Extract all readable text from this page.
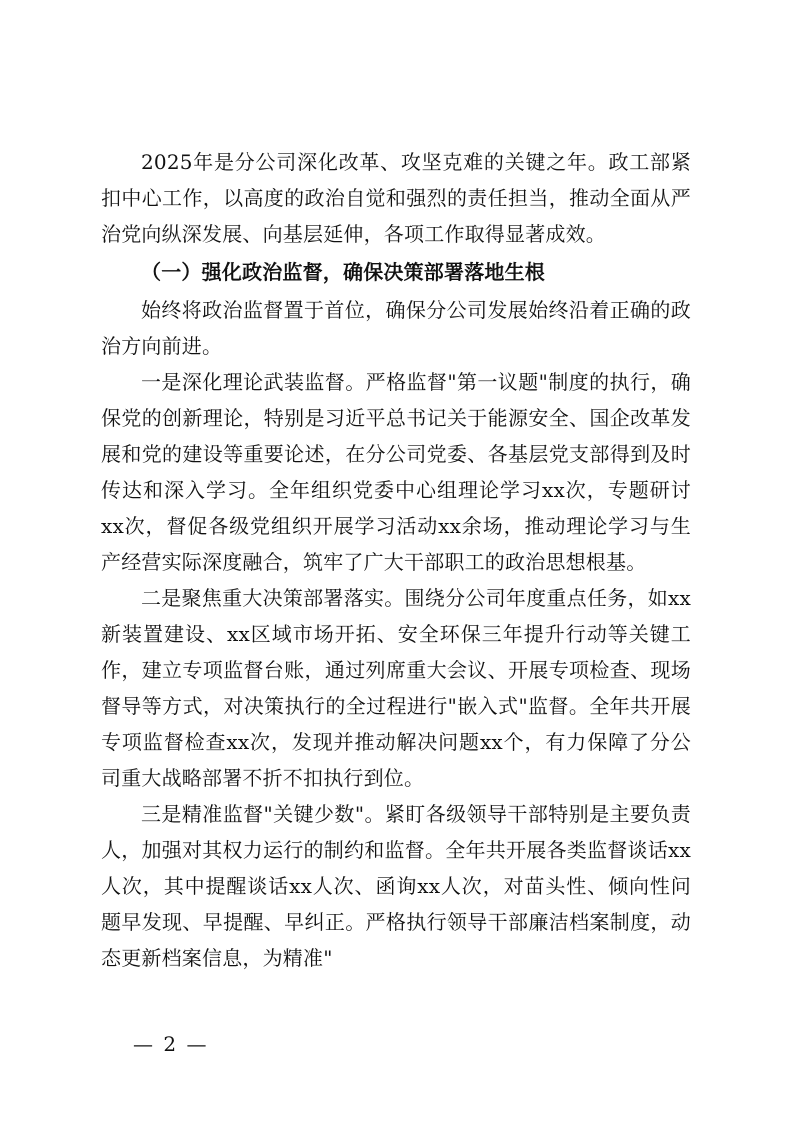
2025年是分公司深化改革、攻坚克难的关键之年。政工部紧扣中心工作，以高度的政治自觉和强烈的责任担当，推动全面从严治党向纵深发展、向基层延伸，各项工作取得显著成效。

（一）强化政治监督，确保决策部署落地生根

始终将政治监督置于首位，确保分公司发展始终沿着正确的政治方向前进。

一是深化理论武装监督。严格监督"第一议题"制度的执行，确保党的创新理论，特别是习近平总书记关于能源安全、国企改革发展和党的建设等重要论述，在分公司党委、各基层党支部得到及时传达和深入学习。全年组织党委中心组理论学习xx次，专题研讨xx次，督促各级党组织开展学习活动xx余场，推动理论学习与生产经营实际深度融合，筑牢了广大干部职工的政治思想根基。

二是聚焦重大决策部署落实。围绕分公司年度重点任务，如xx新装置建设、xx区域市场开拓、安全环保三年提升行动等关键工作，建立专项监督台账，通过列席重大会议、开展专项检查、现场督导等方式，对决策执行的全过程进行"嵌入式"监督。全年共开展专项监督检查xx次，发现并推动解决问题xx个，有力保障了分公司重大战略部署不折不扣执行到位。

三是精准监督"关键少数"。紧盯各级领导干部特别是主要负责人，加强对其权力运行的制约和监督。全年共开展各类监督谈话xx人次，其中提醒谈话xx人次、函询xx人次，对苗头性、倾向性问题早发现、早提醒、早纠正。严格执行领导干部廉洁档案制度，动态更新档案信息，为精准"

— 2 —
